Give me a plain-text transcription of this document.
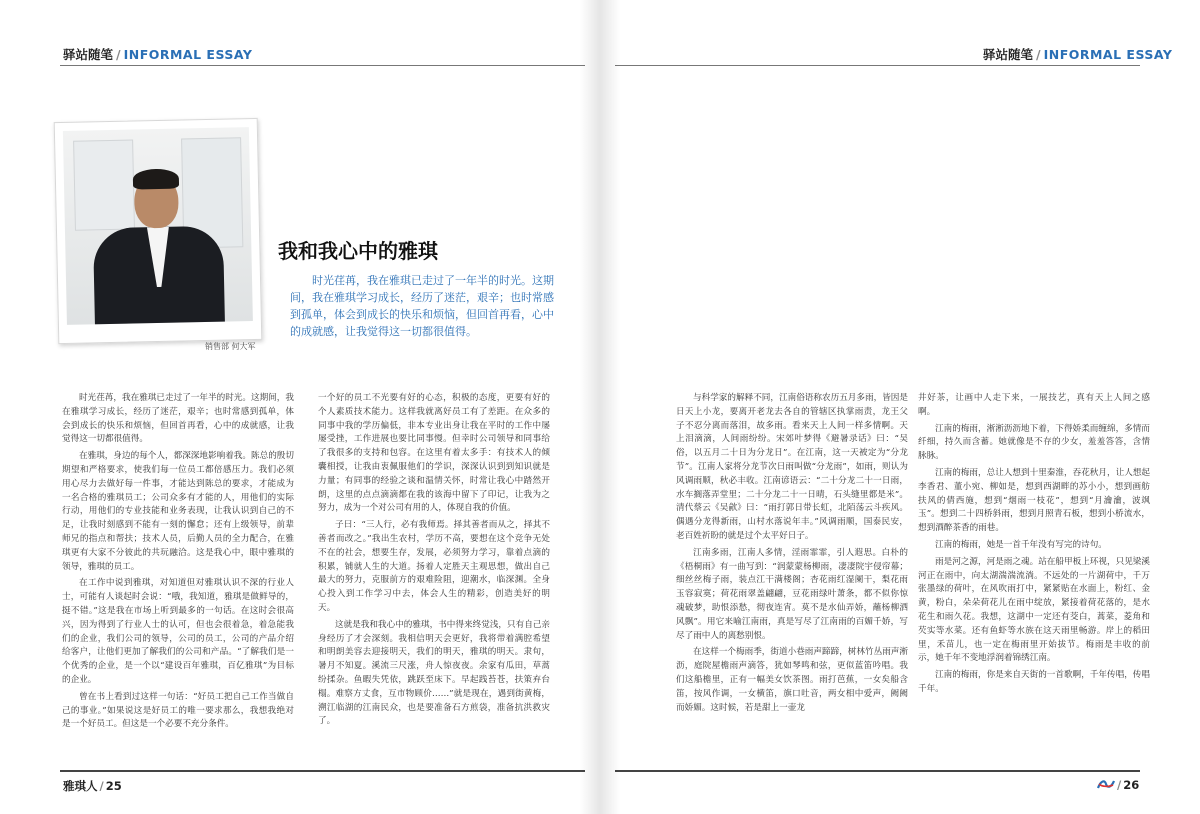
驿站随笔 / INFORMAL ESSAY
销售部 何大军
我和我心中的雅琪
时光荏苒，我在雅琪已走过了一年半的时光。这期间，我在雅琪学习成长，经历了迷茫，艰辛；也时常感到孤单，体会到成长的快乐和烦恼，但回首再看，心中的成就感，让我觉得这一切都很值得。

时光荏苒，我在雅琪已走过了一年半的时光。这期间，我在雅琪学习成长，经历了迷茫，艰辛；也时常感到孤单，体会到成长的快乐和烦恼，但回首再看，心中的成就感，让我觉得这一切都很值得。

在雅琪，身边的每个人，都深深地影响着我。陈总的殷切期望和严格要求，使我们每一位员工都倍感压力。我们必须用心尽力去做好每一件事，才能达到陈总的要求，才能成为一名合格的雅琪员工；公司众多有才能的人，用他们的实际行动，用他们的专业技能和业务表现，让我认识到自己的不足，让我时刻感到不能有一刻的懈怠；还有上级领导，前辈师兄的指点和帮扶；技术人员，后勤人员的全力配合，在雅琪更有大家不分彼此的共玩融洽。这是我心中，眼中雅琪的领导，雅琪的员工。

在工作中说到雅琪，对知道但对雅琪认识不深的行业人士，可能有人谈起时会说：“哦，我知道，雅琪是做鲜导的，挺不错。”这是我在市场上听到最多的一句话。在这时会很高兴，因为得到了行业人士的认可，但也会很着急，着急能我们的企业，我们公司的领导，公司的员工，公司的产品介绍给客户，让他们更加了解我们的公司和产品。“了解我们是一个优秀的企业，是一个以“建设百年雅琪，百亿雅琪”为目标的企业。

曾在书上看到过这样一句话：“好员工把自己工作当做自己的事业。”如果说这是好员工的唯一要求那么，我想我绝对是一个好员工。但这是一个必要不充分条件。

一个好的员工不光要有好的心态，积极的态度，更要有好的个人素质技术能力。这样我就离好员工有了差距。在众多的同事中我的学历偏低，非本专业出身让我在平时的工作中屡屡受挫，工作进展也要比同事慢。但幸时公司领导和同事给了我很多的支持和包容。在这里有着太多手：有技术人的倾囊相授，让我由衷佩服他们的学识，深深认识到到知识就是力量；有同事的经验之谈和温情关怀，时常让我心中踏然开朗，这里的点点滴滴都在我的该海中留下了印记，让我为之努力，成为一个对公司有用的人，体现自我的价值。

子曰：“三人行，必有我师焉。择其善者而从之，择其不善者而改之。”我出生农村，学历不高，要想在这个竞争无处不在的社会，想要生存，发展，必须努力学习，靠着点滴的积累，铺就人生的大道。扬着人定胜天主观思想，做出自己最大的努力，克服前方的艰难险阻，迎潮水，临深渊。全身心投入到工作学习中去，体会人生的精彩，创造美好的明天。

这就是我和我心中的雅琪，书中得来终觉浅，只有自己亲身经历了才会深刻。我相信明天会更好，我将带着满腔希望和明朗美容去迎接明天，我们的明天，雅琪的明天。隶旬，暑月不知夏。溪流三尺涨，舟人惊夜夜。余家有瓜田，草蒿纷揉杂。鱼暇失凭依，跳跃至床下。早起践苔苍，扶策弃台榻。难察方丈食，互市物顾价……”就是现在，遇到街黄梅，溯江临湖的江南民众，也是要准备石方煎袋，准备抗洪救灾了。

雅琪人 / 25
驿站随笔 / INFORMAL ESSAY

与科学家的解释不同，江南俗语称农历五月多雨，皆因是日天上小龙，要离开老龙去各自的管辖区执掌雨责，龙王父子不忍分离而落泪，故多雨。看来天上人间一样多情啊。天上泪滴滴，人间雨纷纷。宋郊叶梦得《避暑录话》曰：“吴俗，以五月二十日为分龙日”。在江南，这一天被定为“分龙节”。江南人家将分龙节次日雨叫做“分龙雨”，如雨，则认为风调雨顺，秋必丰收。江南谚语云：“二十分龙二十一日雨，水车搁落弄堂里；二十分龙二十一日晴，石头缝里都是米”。清代蔡云《吴歈》曰：“雨打郭日带长虹，北陌荡云斗疾风。偶遇分龙得新雨，山村水落说年丰。”风调雨顺，国泰民安，老百姓祈盼的就是过个太平好日子。

江南多雨，江南人多情，淫雨霏霏，引人遐思。白朴的《梧桐雨》有一曲写到：“润蒙蒙杨柳雨，凄凄院宇侵帘幕；细丝丝梅子雨，装点江干满楼阁；杏花雨红湿阑干，梨花雨玉容寂寞；荷花雨翠盖翩翩，豆花雨绿叶萧条，都不似你惊魂破梦，助恨添愁，彻夜连宵。莫不是水仙弄娇，蘸杨柳洒风飘”。用它来喻江南雨，真是写尽了江南雨的百媚千娇，写尽了雨中人的离愁别恨。

在这样一个梅雨季，街道小巷雨声蹄蹄，树林竹丛雨声淅沥，庭院屋檐雨声滴答，犹如琴鸣和弦，更似蓝笛吟唱。我们这船檐里，正有一幅美女饮茶图。雨打芭蕉，一女矣船含笛，按风作调，一女横笛，旗口吐音，两女相中爱声，阙阙而娇媚。这时候，若是甜上一壶龙

井好茶，让画中人走下来，一展技艺，真有天上人间之感啊。

江南的梅雨，淅淅沥沥地下着，下得娇柔而缠绵，多情而纤细，持久而含蓄。她就像是不存的少女，羞羞答答，含情脉脉。

江南的梅雨，总让人想到十里秦淮，吞花秋月，让人想起李香君、董小宛、柳如是，想到西湖畔的苏小小，想到画舫扶风的倩西施，想到“烟雨一枝花”，想到“月瀹瀹，波飒玉”。想到二十四桥斜雨，想到月照青石板，想到小桥流水，想到酒醉茶香的雨巷。

江南的梅雨，她是一首千年没有写完的诗句。

雨是河之源，河是雨之魂。站在船甲板上环视，只见梁溪河正在雨中，向太湖湍湍流淌。不远处的一片湖荷中，千万张墨绿的荷叶，在风吹雨打中，紧紧贴在水面上，粉红、金黄，粉白，朵朵荷花儿在雨中绽放，紧接着荷花落的，是水花生和雨久花。我想，这湖中一定还有茭白，蒿菜，菱角和芡实等水菜。还有鱼虾等水族在这天雨里畅游。岸上的稻田里，禾苗儿，也一定在梅雨里开始拔节。梅雨是丰收的前示，她千年不变地浮润着锦绣江南。

江南的梅雨，你是来自天街的一首歌啊，千年传唱，传唱千年。

/ 26
